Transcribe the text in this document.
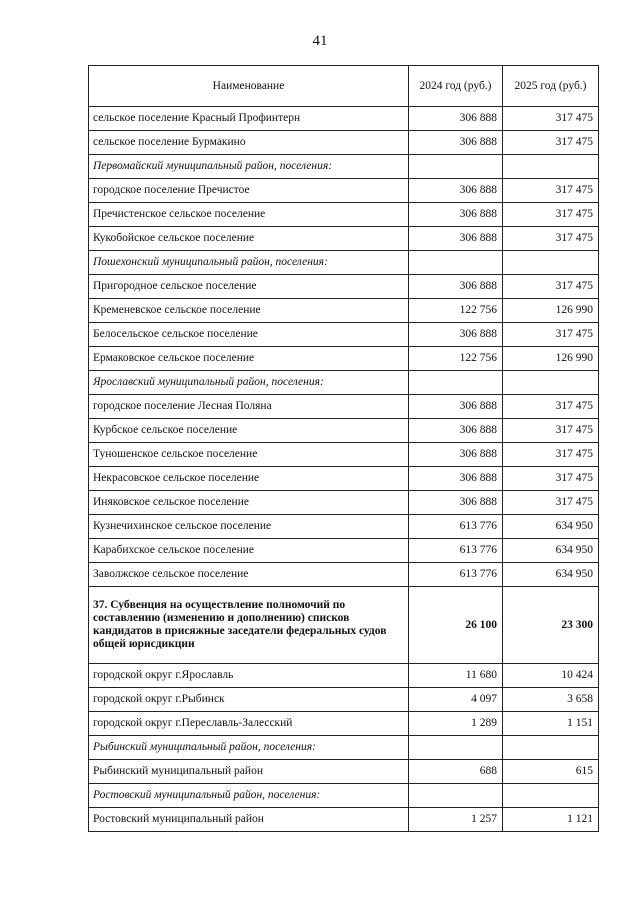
41
Наименование	2024 год (руб.)	2025 год (руб.)
сельское поселение Красный Профинтерн	306 888	317 475
сельское поселение Бурмакино	306 888	317 475
Первомайский муниципальный район, поселения:		
городское поселение Пречистое	306 888	317 475
Пречистенское сельское поселение	306 888	317 475
Кукобойское сельское поселение	306 888	317 475
Пошехонский муниципальный район, поселения:		
Пригородное сельское поселение	306 888	317 475
Кременевское сельское поселение	122 756	126 990
Белосельское сельское поселение	306 888	317 475
Ермаковское сельское поселение	122 756	126 990
Ярославский муниципальный район, поселения:		
городское поселение Лесная Поляна	306 888	317 475
Курбское сельское поселение	306 888	317 475
Туношенское сельское поселение	306 888	317 475
Некрасовское сельское поселение	306 888	317 475
Иняковское сельское поселение	306 888	317 475
Кузнечихинское сельское поселение	613 776	634 950
Карабихское сельское поселение	613 776	634 950
Заволжское сельское поселение	613 776	634 950
37. Субвенция на осуществление полномочий по составлению (изменению и дополнению) списков кандидатов в присяжные заседатели федеральных судов общей юрисдикции	26 100	23 300
городской округ г.Ярославль	11 680	10 424
городской округ г.Рыбинск	4 097	3 658
городской округ г.Переславль-Залесский	1 289	1 151
Рыбинский муниципальный район, поселения:		
Рыбинский муниципальный район	688	615
Ростовский муниципальный район, поселения:		
Ростовский муниципальный район	1 257	1 121
